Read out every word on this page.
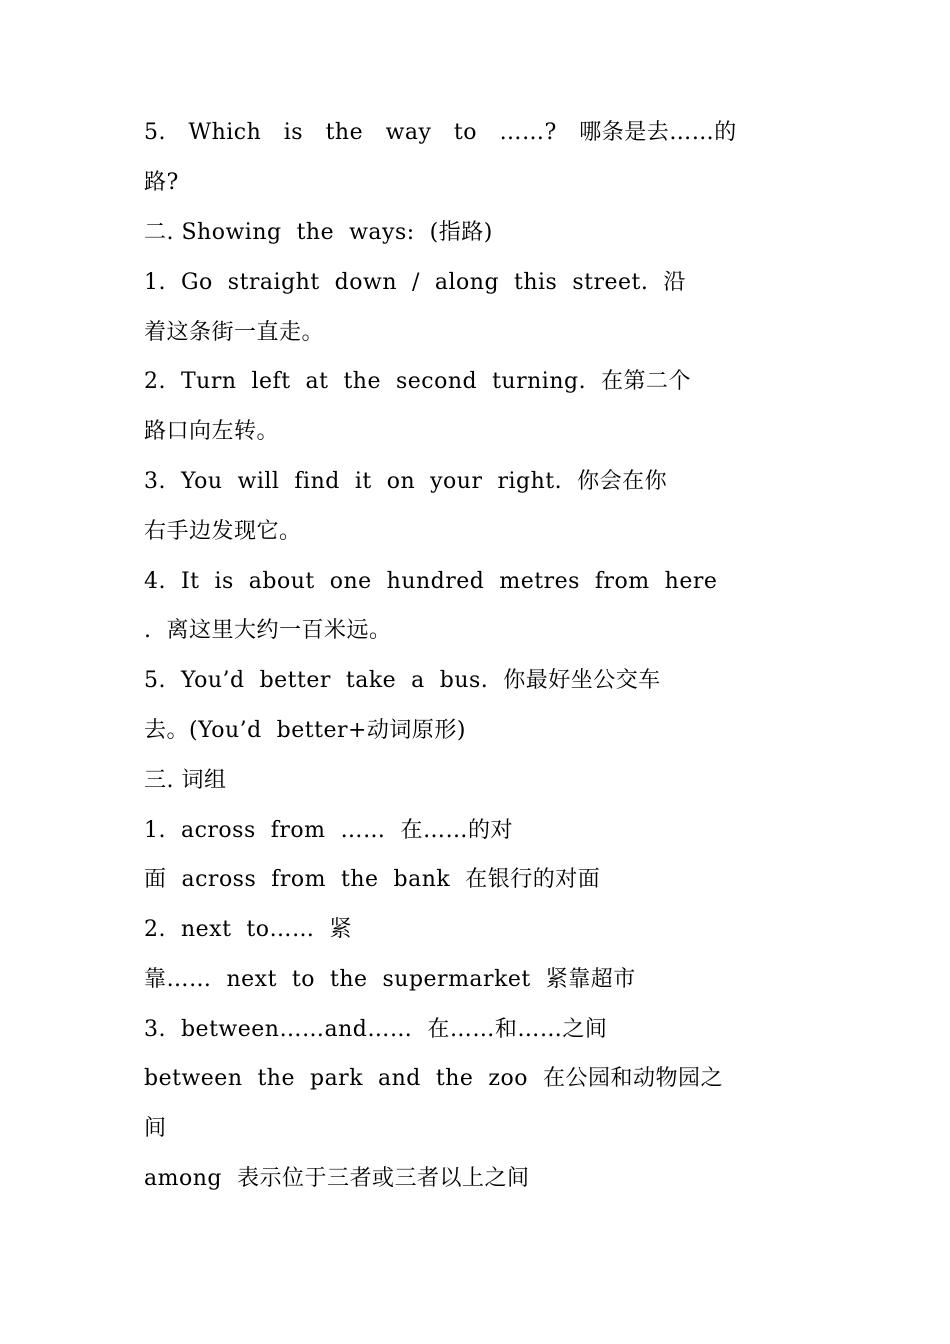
5.   Which   is   the   way   to   ……?   哪条是去……的
路?
二. Showing  the  ways:  (指路)
1.  Go  straight  down  /  along  this  street.  沿
着这条街一直走。
2.  Turn  left  at  the  second  turning.  在第二个
路口向左转。
3.  You  will  find  it  on  your  right.  你会在你
右手边发现它。
4.  It  is  about  one  hundred  metres  from  here
.  离这里大约一百米远。
5.  You’d  better  take  a  bus.  你最好坐公交车
去。(You’d  better+动词原形)
三. 词组
1.  across  from  ……  在……的对
面  across  from  the  bank  在银行的对面
2.  next  to……  紧
靠……  next  to  the  supermarket  紧靠超市
3.  between……and……  在……和……之间
between  the  park  and  the  zoo  在公园和动物园之
间
among  表示位于三者或三者以上之间
